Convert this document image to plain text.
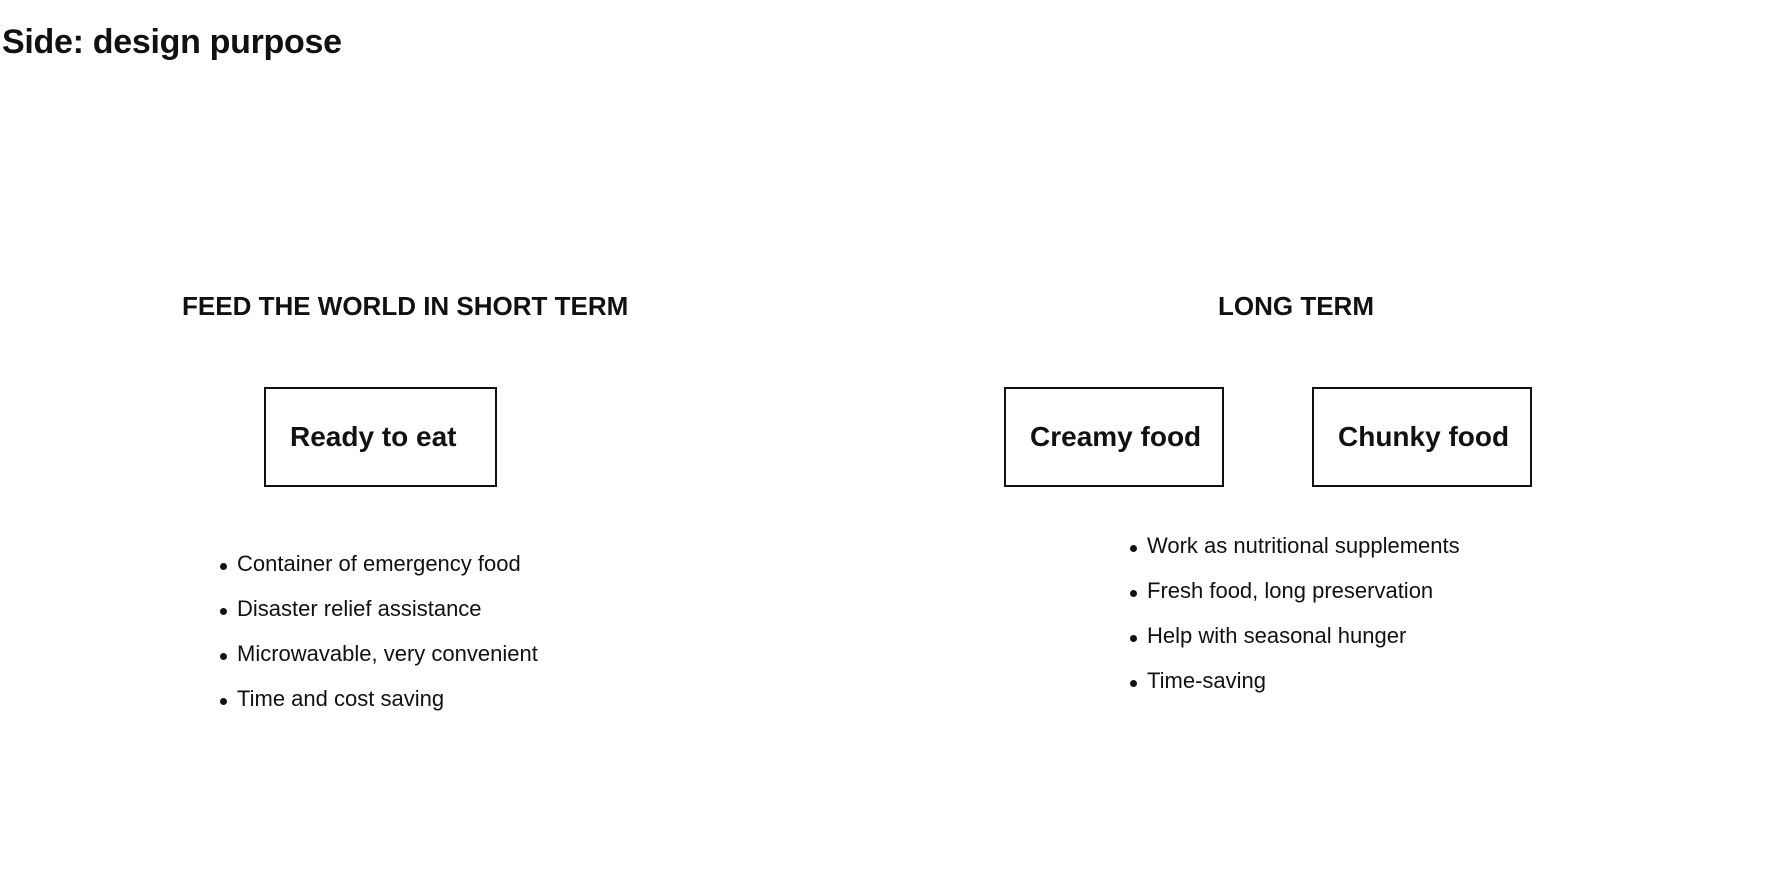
Side: design purpose
FEED THE WORLD IN SHORT TERM	LONG TERM
Ready to eat	Creamy food	Chunky food
Container of emergency food
Disaster relief assistance
Microwavable, very convenient
Time and cost saving
Work as nutritional supplements
Fresh food, long preservation
Help with seasonal hunger
Time-saving
